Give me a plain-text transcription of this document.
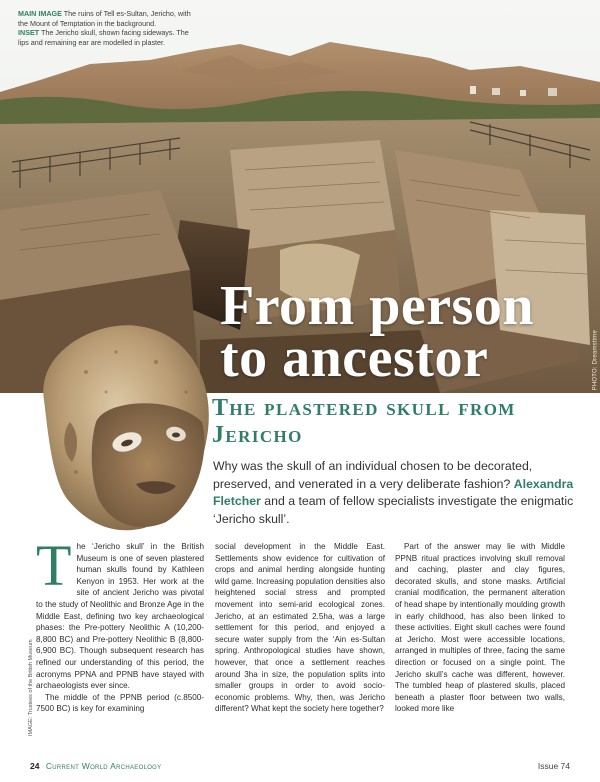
MAIN IMAGE The ruins of Tell es-Sultan, Jericho, with the Mount of Temptation in the background.
INSET The Jericho skull, shown facing sideways. The lips and remaining ear are modelled in plaster.
PHOTO: Dreamstime
From person to ancestor
The plastered skull from Jericho

Why was the skull of an individual chosen to be decorated, preserved, and venerated in a very deliberate fashion? Alexandra Fletcher and a team of fellow specialists investigate the enigmatic ‘Jericho skull’.

T he ‘Jericho skull’ in the British Museum is one of seven plastered human skulls found by Kathleen Kenyon in 1953. Her work at the site of ancient Jericho was pivotal to the study of Neolithic and Bronze Age in the Middle East, defining two key archaeological phases: the Pre-pottery Neolithic A (10,200-8,800 BC) and Pre-pottery Neolithic B (8,800-6,900 BC). Though subsequent research has refined our understanding of this period, the acronyms PPNA and PPNB have stayed with archaeologists ever since.

The middle of the PPNB period (c.8500-7500 BC) is key for examining

social development in the Middle East. Settlements show evidence for cultivation of crops and animal herding alongside hunting wild game. Increasing population densities also heightened social stress and prompted movement into semi-arid ecological zones. Jericho, at an estimated 2.5ha, was a large settlement for this period, and enjoyed a secure water supply from the ‘Ain es-Sultan spring. Anthropological studies have shown, however, that once a settlement reaches around 3ha in size, the population splits into smaller groups in order to avoid socio-economic problems. Why, then, was Jericho different? What kept the society here together?

Part of the answer may lie with Middle PPNB ritual practices involving skull removal and caching, plaster and clay figures, decorated skulls, and stone masks. Artificial cranial modification, the permanent alteration of head shape by intentionally moulding growth in early childhood, has also been linked to these activities. Eight skull caches were found at Jericho. Most were accessible locations, arranged in multiples of three, facing the same direction or focused on a single point. The Jericho skull’s cache was different, however. The tumbled heap of plastered skulls, placed beneath a plaster floor between two walls, looked more like

IMAGE: Trustees of the British Museum
24 Current World Archaeology	Issue 74
